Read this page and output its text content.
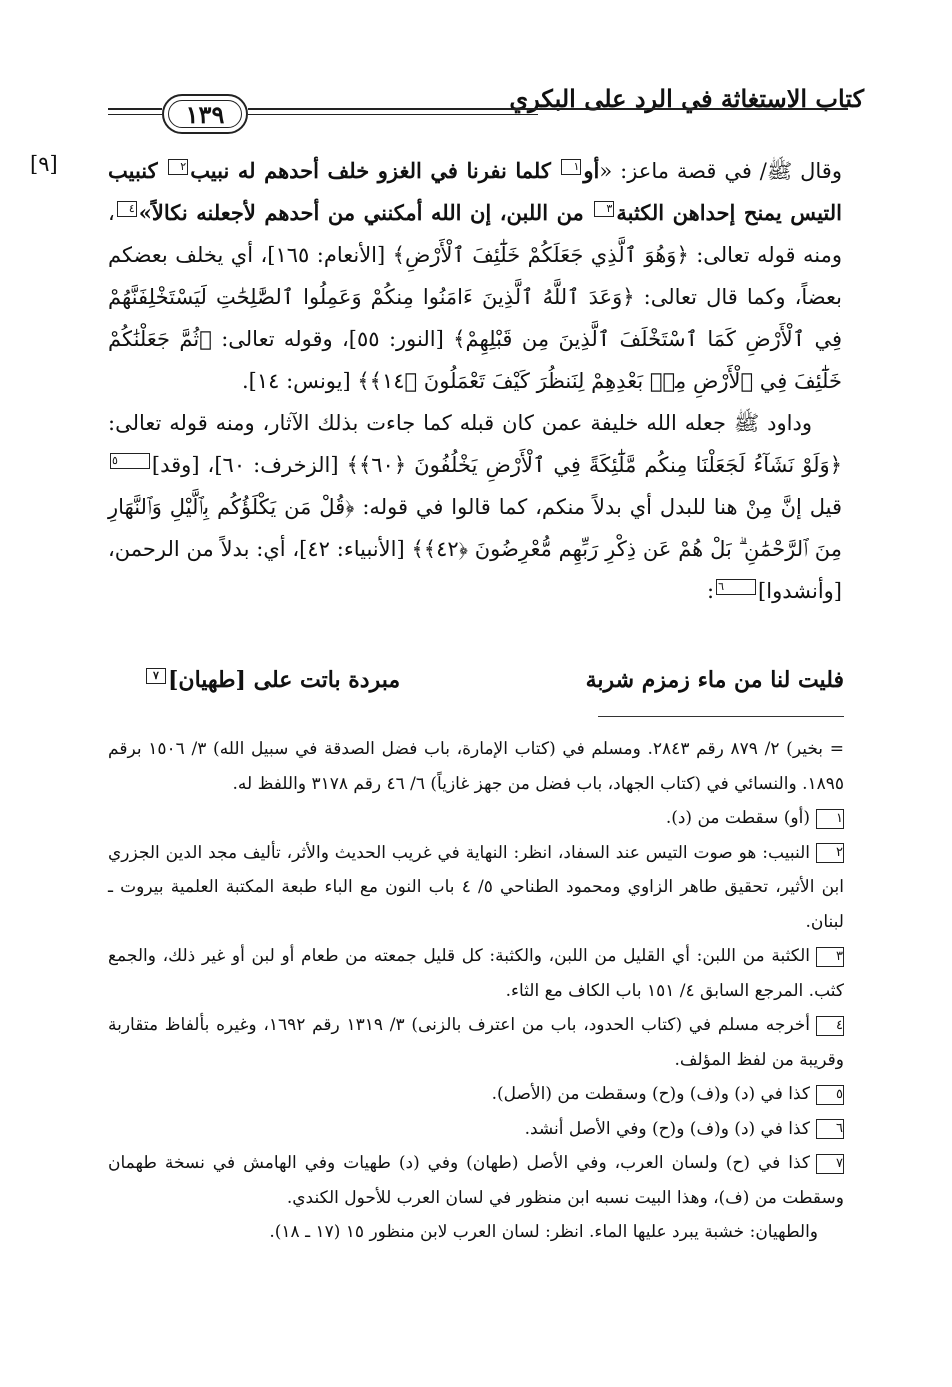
كتاب الاستغاثة في الرد على البكري
١٣٩
[٩]	وقال ﷺ/ في قصة ماعز: «أو١ كلما نفرنا في الغزو خلف أحدهم له نبيب٢ كنبيب التيس يمنح إحداهن الكثبة٣ من اللبن، إن الله أمكنني من أحدهم لأجعلنه نكالاً»٤، ومنه قوله تعالى: ﴿وَهُوَ ٱلَّذِي جَعَلَكُمْ خَلَٰٓئِفَ ٱلْأَرْضِ﴾ [الأنعام: ١٦٥]، أي يخلف بعضكم بعضاً، وكما قال تعالى: ﴿وَعَدَ ٱللَّهُ ٱلَّذِينَ ءَامَنُوا مِنكُمْ وَعَمِلُوا ٱلصَّٰلِحَٰتِ لَيَسْتَخْلِفَنَّهُمْ فِي ٱلْأَرْضِ كَمَا ٱسْتَخْلَفَ ٱلَّذِينَ مِن قَبْلِهِمْ﴾ [النور: ٥٥]، وقوله تعالى: ﴿ثُمَّ جَعَلْنَٰكُمْ خَلَٰٓئِفَ فِي ٱلْأَرْضِ مِنۢ بَعْدِهِمْ لِنَنظُرَ كَيْفَ تَعْمَلُونَ ﴿١٤﴾﴾ [يونس: ١٤].

وداود ﷺ جعله الله خليفة عمن كان قبله كما جاءت بذلك الآثار، ومنه قوله تعالى: ﴿وَلَوْ نَشَآءُ لَجَعَلْنَا مِنكُم مَّلَٰٓئِكَةً فِي ٱلْأَرْضِ يَخْلُفُونَ ﴿٦٠﴾﴾ [الزخرف: ٦٠]، [وقد]٥ قيل إنَّ مِنْ هنا للبدل أي بدلاً منكم، كما قالوا في قوله: ﴿قُلْ مَن يَكْلَؤُكُم بِٱلَّيْلِ وَٱلنَّهَارِ مِنَ ٱلرَّحْمَٰنِ ۗ بَلْ هُمْ عَن ذِكْرِ رَبِّهِم مُّعْرِضُونَ ﴿٤٢﴾﴾ [الأنبياء: ٤٢]، أي: بدلاً من الرحمن، [وأنشدوا]٦:

فليت لنا من ماء زمزم شربة
مبردة باتت على [طهيان]٧

= بخير) ٢/ ٨٧٩ رقم ٢٨٤٣. ومسلم في (كتاب الإمارة، باب فضل الصدقة في سبيل الله) ٣/ ١٥٠٦ برقم ١٨٩٥. والنسائي في (كتاب الجهاد، باب فضل من جهز غازياً) ٦/ ٤٦ رقم ٣١٧٨ واللفظ له.

١(أو) سقطت من (د).

٢النبيب: هو صوت التيس عند السفاد، انظر: النهاية في غريب الحديث والأثر، تأليف مجد الدين الجزري ابن الأثير، تحقيق طاهر الزاوي ومحمود الطناحي ٥/ ٤ باب النون مع الباء طبعة المكتبة العلمية بيروت ـ لبنان.

٣الكثبة من اللبن: أي القليل من اللبن، والكثبة: كل قليل جمعته من طعام أو لبن أو غير ذلك، والجمع كثب. المرجع السابق ٤/ ١٥١ باب الكاف مع الثاء.

٤أخرجه مسلم في (كتاب الحدود، باب من اعترف بالزنى) ٣/ ١٣١٩ رقم ١٦٩٢، وغيره بألفاظ متقاربة وقريبة من لفظ المؤلف.

٥كذا في (د) و(ف) و(ح) وسقطت من (الأصل).

٦كذا في (د) و(ف) و(ح) وفي الأصل أنشد.

٧كذا في (ح) ولسان العرب، وفي الأصل (طهان) وفي (د) طهيات وفي الهامش في نسخة طهمان وسقطت من (ف)، وهذا البيت نسبه ابن منظور في لسان العرب للأحول الكندي.

والطهيان: خشبة يبرد عليها الماء. انظر: لسان العرب لابن منظور ١٥ (١٧ ـ ١٨).
